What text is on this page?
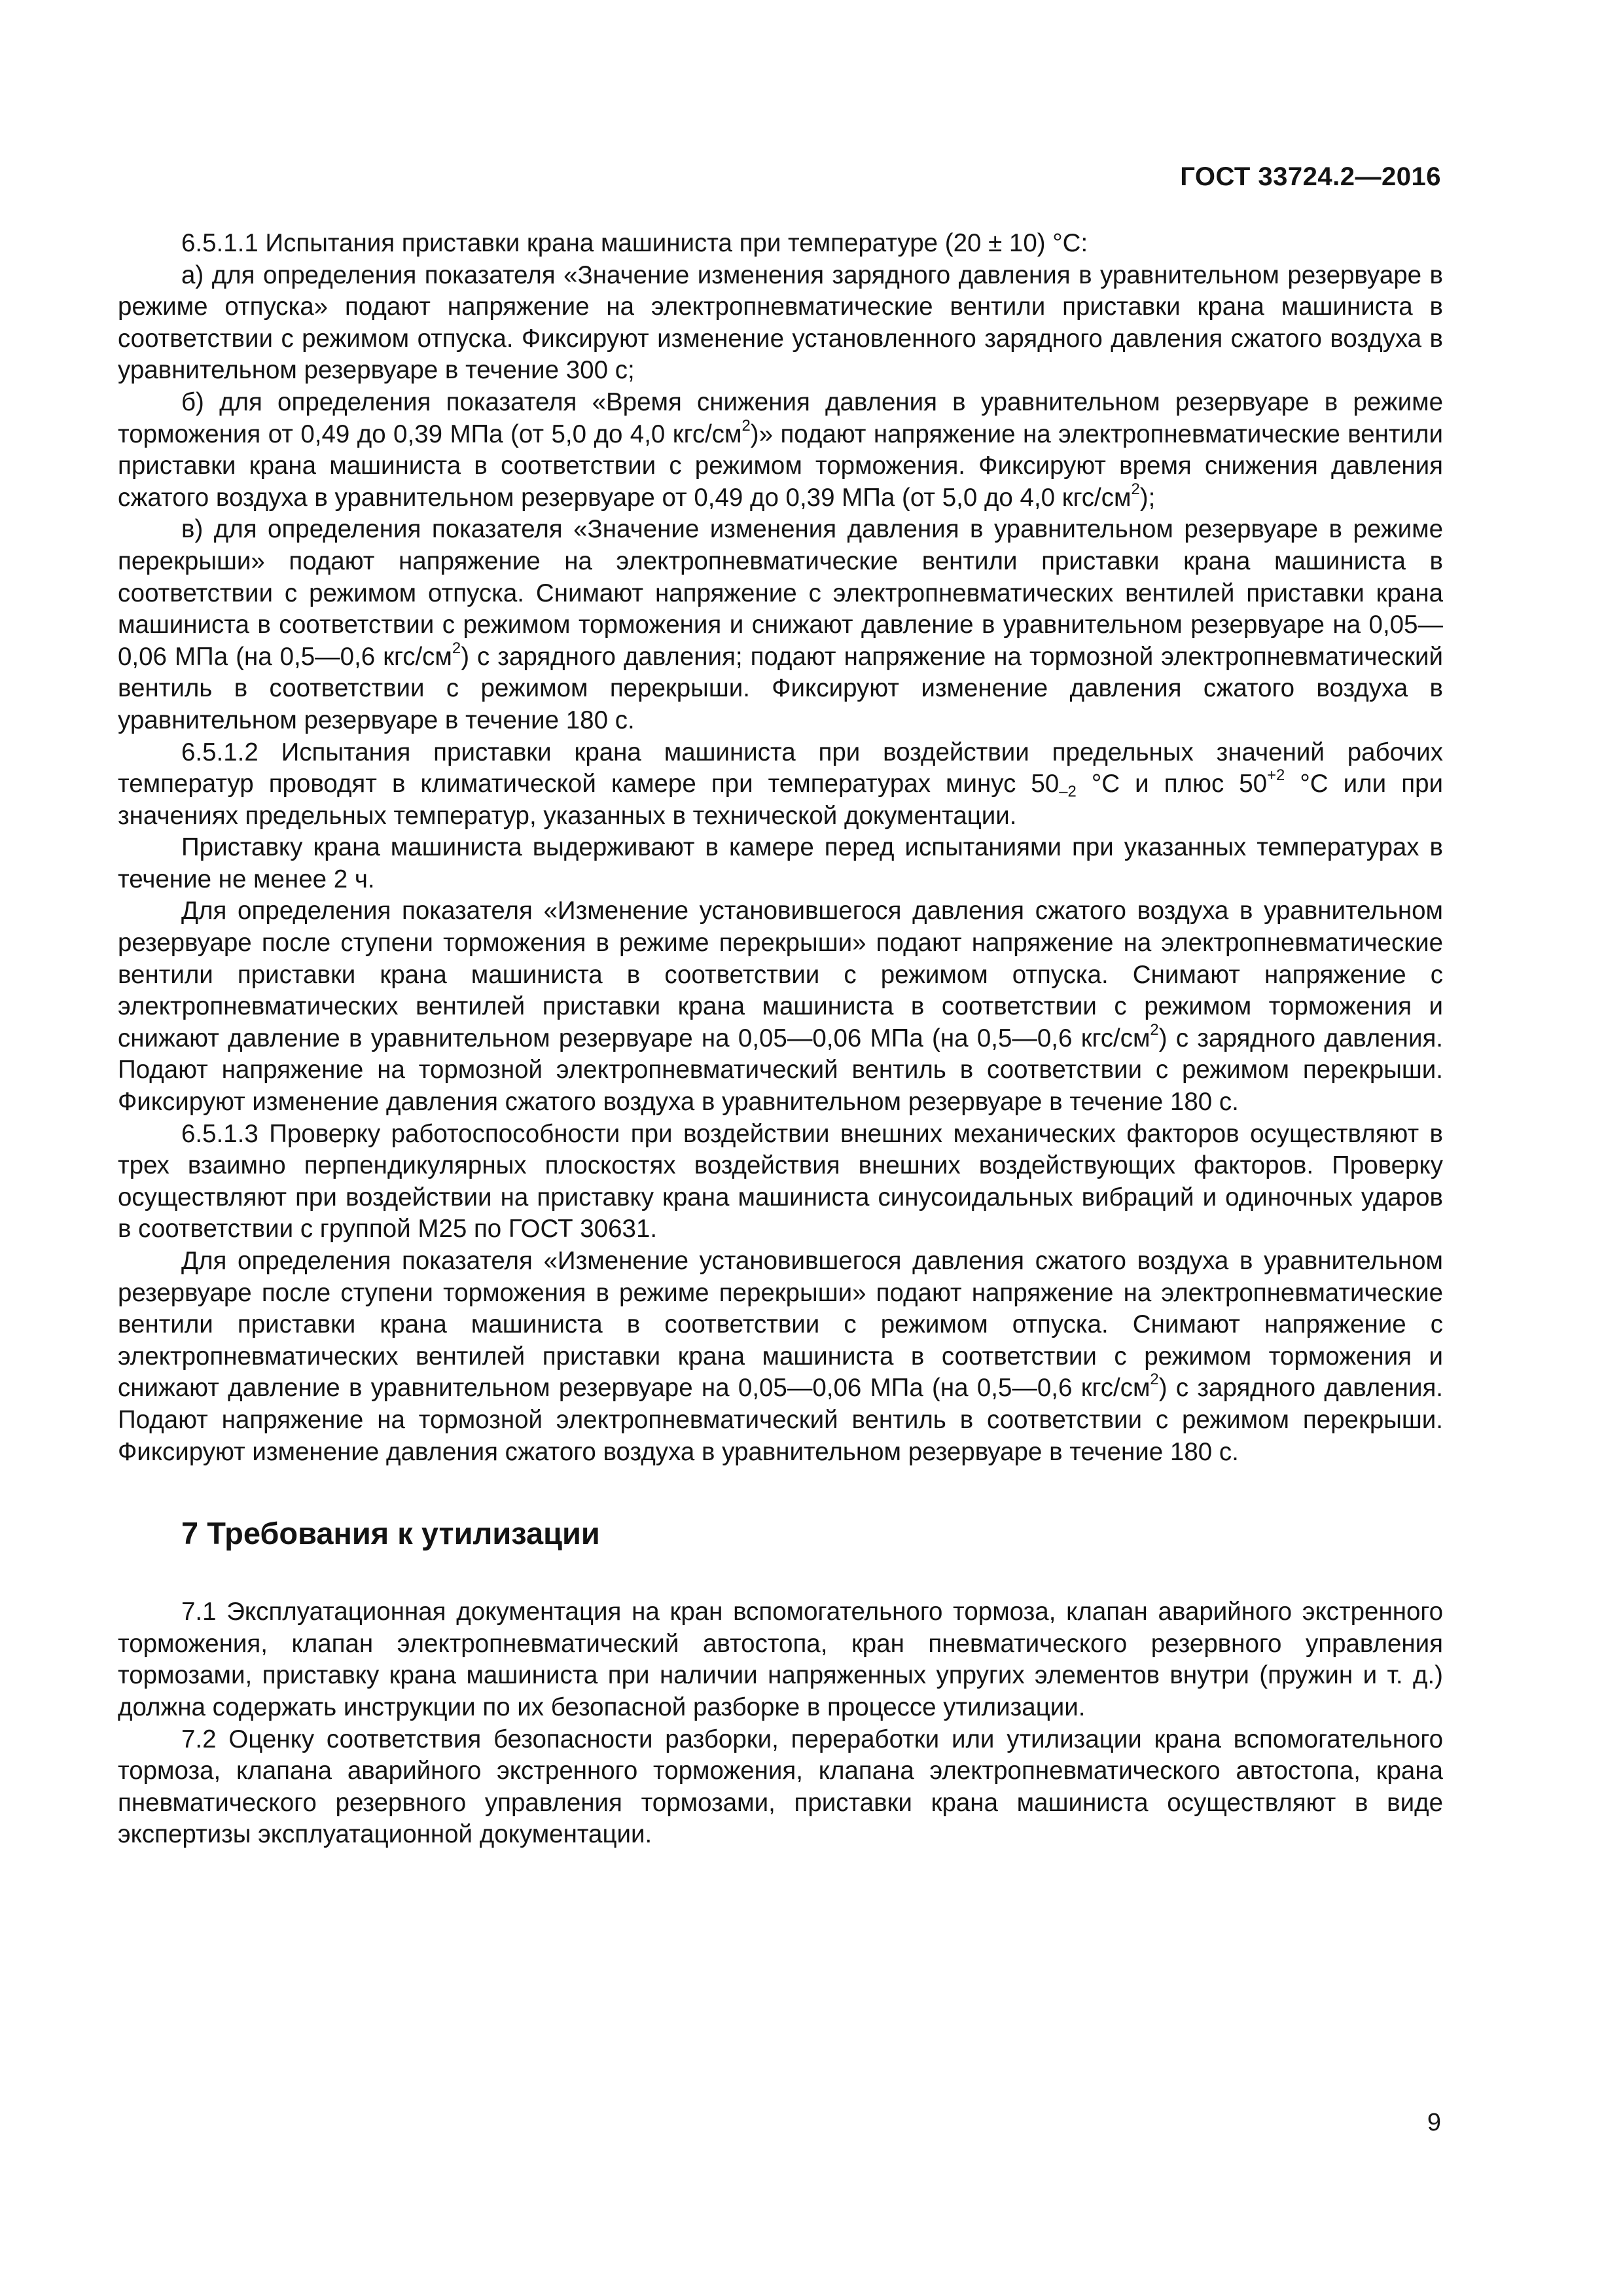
ГОСТ 33724.2—2016

6.5.1.1 Испытания приставки крана машиниста при температуре (20 ± 10) °С:

а) для определения показателя «Значение изменения зарядного давления в уравнительном резервуаре в режиме отпуска» подают напряжение на электропневматические вентили приставки крана машиниста в соответствии с режимом отпуска. Фиксируют изменение установленного зарядного давления сжатого воздуха в уравнительном резервуаре в течение 300 с;

б) для определения показателя «Время снижения давления в уравнительном резервуаре в режиме торможения от 0,49 до 0,39 МПа (от 5,0 до 4,0 кгс/$см^2$)» подают напряжение на электропневматические вентили приставки крана машиниста в соответствии с режимом торможения. Фиксируют время снижения давления сжатого воздуха в уравнительном резервуаре от 0,49 до 0,39 МПа (от 5,0 до 4,0 кгс/$см^2$);

в) для определения показателя «Значение изменения давления в уравнительном резервуаре в режиме перекрыши» подают напряжение на электропневматические вентили приставки крана машиниста в соответствии с режимом отпуска. Снимают напряжение с электропневматических вентилей приставки крана машиниста в соответствии с режимом торможения и снижают давление в уравнительном резервуаре на 0,05—0,06 МПа (на 0,5—0,6 кгс/$см^2$) с зарядного давления; подают напряжение на тормозной электропневматический вентиль в соответствии с режимом перекрыши. Фиксируют изменение давления сжатого воздуха в уравнительном резервуаре в течение 180 с.

6.5.1.2 Испытания приставки крана машиниста при воздействии предельных значений рабочих температур проводят в климатической камере при температурах минус $50_{-2}$ °С и плюс $50^{+2}$ °С или при значениях предельных температур, указанных в технической документации.

Приставку крана машиниста выдерживают в камере перед испытаниями при указанных температурах в течение не менее 2 ч.

Для определения показателя «Изменение установившегося давления сжатого воздуха в уравнительном резервуаре после ступени торможения в режиме перекрыши» подают напряжение на электропневматические вентили приставки крана машиниста в соответствии с режимом отпуска. Снимают напряжение с электропневматических вентилей приставки крана машиниста в соответствии с режимом торможения и снижают давление в уравнительном резервуаре на 0,05—0,06 МПа (на 0,5—0,6 кгс/$см^2$) с зарядного давления. Подают напряжение на тормозной электропневматический вентиль в соответствии с режимом перекрыши. Фиксируют изменение давления сжатого воздуха в уравнительном резервуаре в течение 180 с.

6.5.1.3 Проверку работоспособности при воздействии внешних механических факторов осуществляют в трех взаимно перпендикулярных плоскостях воздействия внешних воздействующих факторов. Проверку осуществляют при воздействии на приставку крана машиниста синусоидальных вибраций и одиночных ударов в соответствии с группой М25 по ГОСТ 30631.

Для определения показателя «Изменение установившегося давления сжатого воздуха в уравнительном резервуаре после ступени торможения в режиме перекрыши» подают напряжение на электропневматические вентили приставки крана машиниста в соответствии с режимом отпуска. Снимают напряжение с электропневматических вентилей приставки крана машиниста в соответствии с режимом торможения и снижают давление в уравнительном резервуаре на 0,05—0,06 МПа (на 0,5—0,6 кгс/$см^2$) с зарядного давления. Подают напряжение на тормозной электропневматический вентиль в соответствии с режимом перекрыши. Фиксируют изменение давления сжатого воздуха в уравнительном резервуаре в течение 180 с.

7 Требования к утилизации

7.1 Эксплуатационная документация на кран вспомогательного тормоза, клапан аварийного экстренного торможения, клапан электропневматический автостопа, кран пневматического резервного управления тормозами, приставку крана машиниста при наличии напряженных упругих элементов внутри (пружин и т. д.) должна содержать инструкции по их безопасной разборке в процессе утилизации.

7.2 Оценку соответствия безопасности разборки, переработки или утилизации крана вспомогательного тормоза, клапана аварийного экстренного торможения, клапана электропневматического автостопа, крана пневматического резервного управления тормозами, приставки крана машиниста осуществляют в виде экспертизы эксплуатационной документации.

9
